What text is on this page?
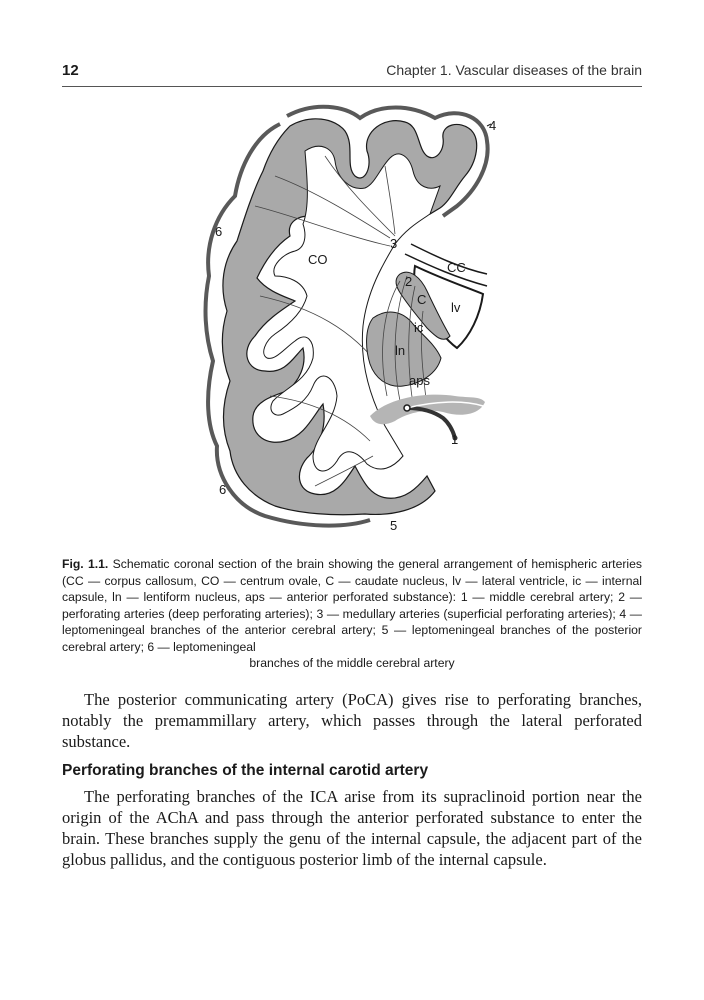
12	Chapter 1. Vascular diseases of the brain
CO
CC
C
lv
ic
ln
aps
1
2
3
4
5
6
6
Fig. 1.1. Schematic coronal section of the brain showing the general arrangement of hemispheric arteries (CC — corpus callosum, CO — centrum ovale, C — caudate nucleus, lv — lateral ventricle, ic — internal capsule, ln — lentiform nucleus, aps — anterior perforated substance): 1 — middle cerebral artery; 2 — perforating arteries (deep perforating arteries); 3 — medullary arteries (superficial perforating arteries); 4 — leptomeningeal branches of the anterior cerebral artery; 5 — leptomeningeal branches of the posterior cerebral artery; 6 — leptomeningeal
branches of the middle cerebral artery

The posterior communicating artery (PoCA) gives rise to perforating branches, notably the premammillary artery, which passes through the lateral perforated substance.

Perforating branches of the internal carotid artery

The perforating branches of the ICA arise from its supraclinoid portion near the origin of the AChA and pass through the anterior perforated substance to enter the brain. These branches supply the genu of the internal capsule, the adjacent part of the globus pallidus, and the contiguous posterior limb of the internal capsule.
